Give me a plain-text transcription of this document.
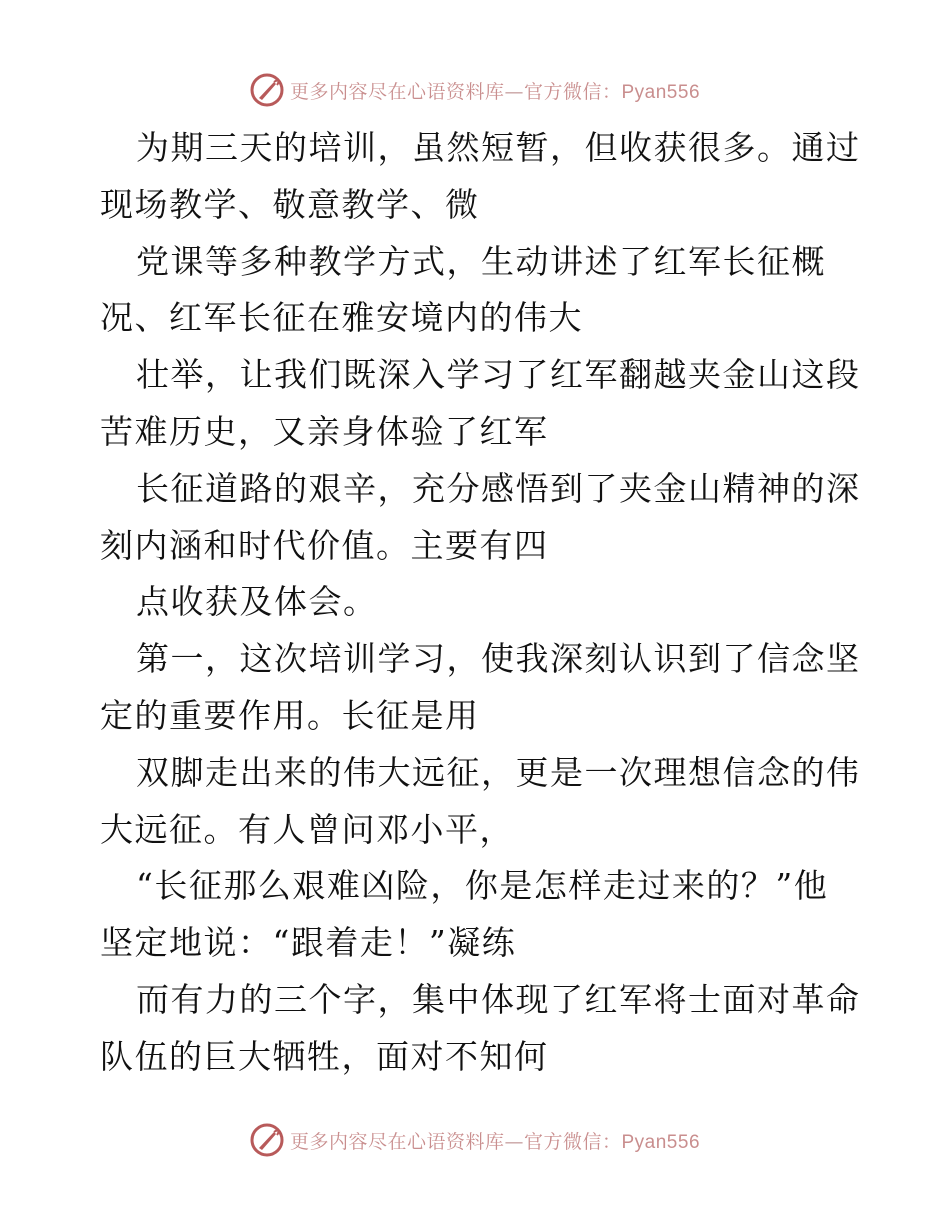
更多内容尽在心语资料库—官方微信：Pyan556
为期三天的培训，虽然短暂，但收获很多。通过
现场教学、敬意教学、微
党课等多种教学方式，生动讲述了红军长征概
况、红军长征在雅安境内的伟大
壮举，让我们既深入学习了红军翻越夹金山这段
苦难历史，又亲身体验了红军
长征道路的艰辛，充分感悟到了夹金山精神的深
刻内涵和时代价值。主要有四
点收获及体会。
第一，这次培训学习，使我深刻认识到了信念坚
定的重要作用。长征是用
双脚走出来的伟大远征，更是一次理想信念的伟
大远征。有人曾问邓小平，
“长征那么艰难凶险，你是怎样走过来的？”他
坚定地说：“跟着走！”凝练
而有力的三个字，集中体现了红军将士面对革命
队伍的巨大牺牲，面对不知何
更多内容尽在心语资料库—官方微信：Pyan556
